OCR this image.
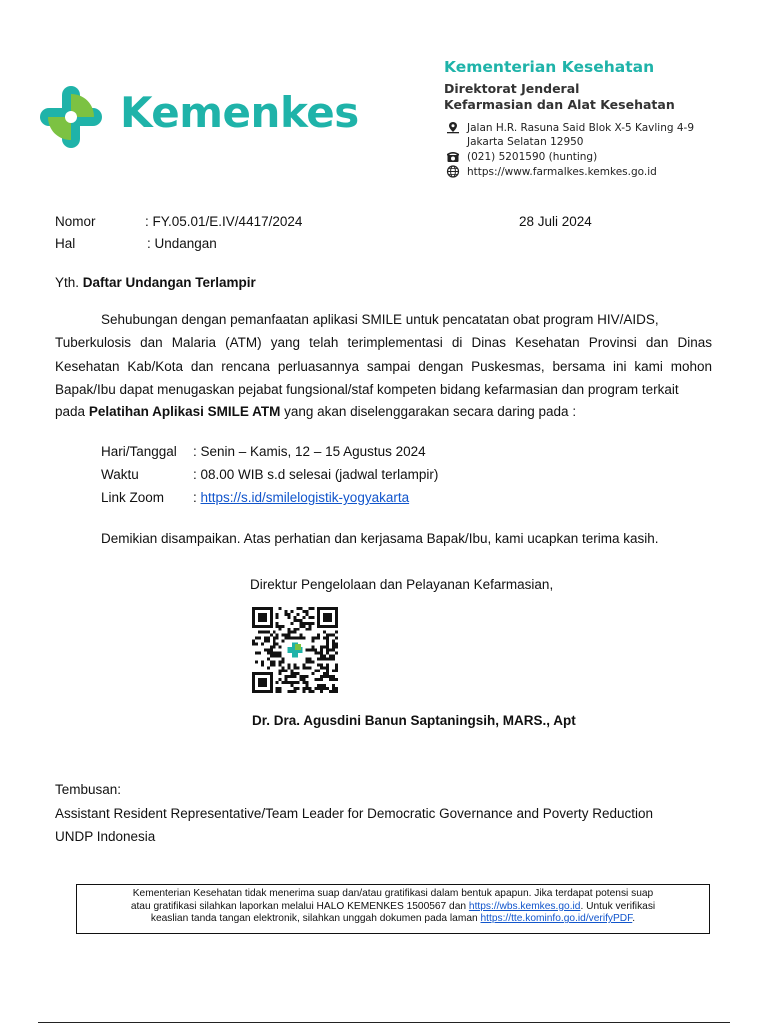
Kemenkes
Kementerian Kesehatan
Direktorat Jenderal
Kefarmasian dan Alat Kesehatan
Jalan H.R. Rasuna Said Blok X-5 Kavling 4-9
Jakarta Selatan 12950
(021) 5201590 (hunting)
https://www.farmalkes.kemkes.go.id
Nomor	: FY.05.01/E.IV/4417/2024	28 Juli 2024
Hal	: Undangan
Yth. Daftar Undangan Terlampir
Sehubungan dengan pemanfaatan aplikasi SMILE untuk pencatatan obat program HIV/AIDS,
Tuberkulosis dan Malaria (ATM) yang telah terimplementasi di Dinas Kesehatan Provinsi dan Dinas Kesehatan Kab/Kota dan rencana perluasannya sampai dengan Puskesmas, bersama ini kami mohon Bapak/Ibu dapat menugaskan pejabat fungsional/staf kompeten bidang kefarmasian dan program terkait
pada Pelatihan Aplikasi SMILE ATM yang akan diselenggarakan secara daring pada :
Hari/Tanggal : Senin – Kamis, 12 – 15 Agustus 2024
Waktu	: 08.00 WIB s.d selesai (jadwal terlampir)
Link Zoom : https://s.id/smilelogistik-yogyakarta
Demikian disampaikan. Atas perhatian dan kerjasama Bapak/Ibu, kami ucapkan terima kasih.
Direktur Pengelolaan dan Pelayanan Kefarmasian,
Dr. Dra. Agusdini Banun Saptaningsih, MARS., Apt
Tembusan:
Assistant Resident Representative/Team Leader for Democratic Governance and Poverty Reduction
UNDP Indonesia
Kementerian Kesehatan tidak menerima suap dan/atau gratifikasi dalam bentuk apapun. Jika terdapat potensi suap
atau gratifikasi silahkan laporkan melalui HALO KEMENKES 1500567 dan https://wbs.kemkes.go.id. Untuk verifikasi
keaslian tanda tangan elektronik, silahkan unggah dokumen pada laman https://tte.kominfo.go.id/verifyPDF.
